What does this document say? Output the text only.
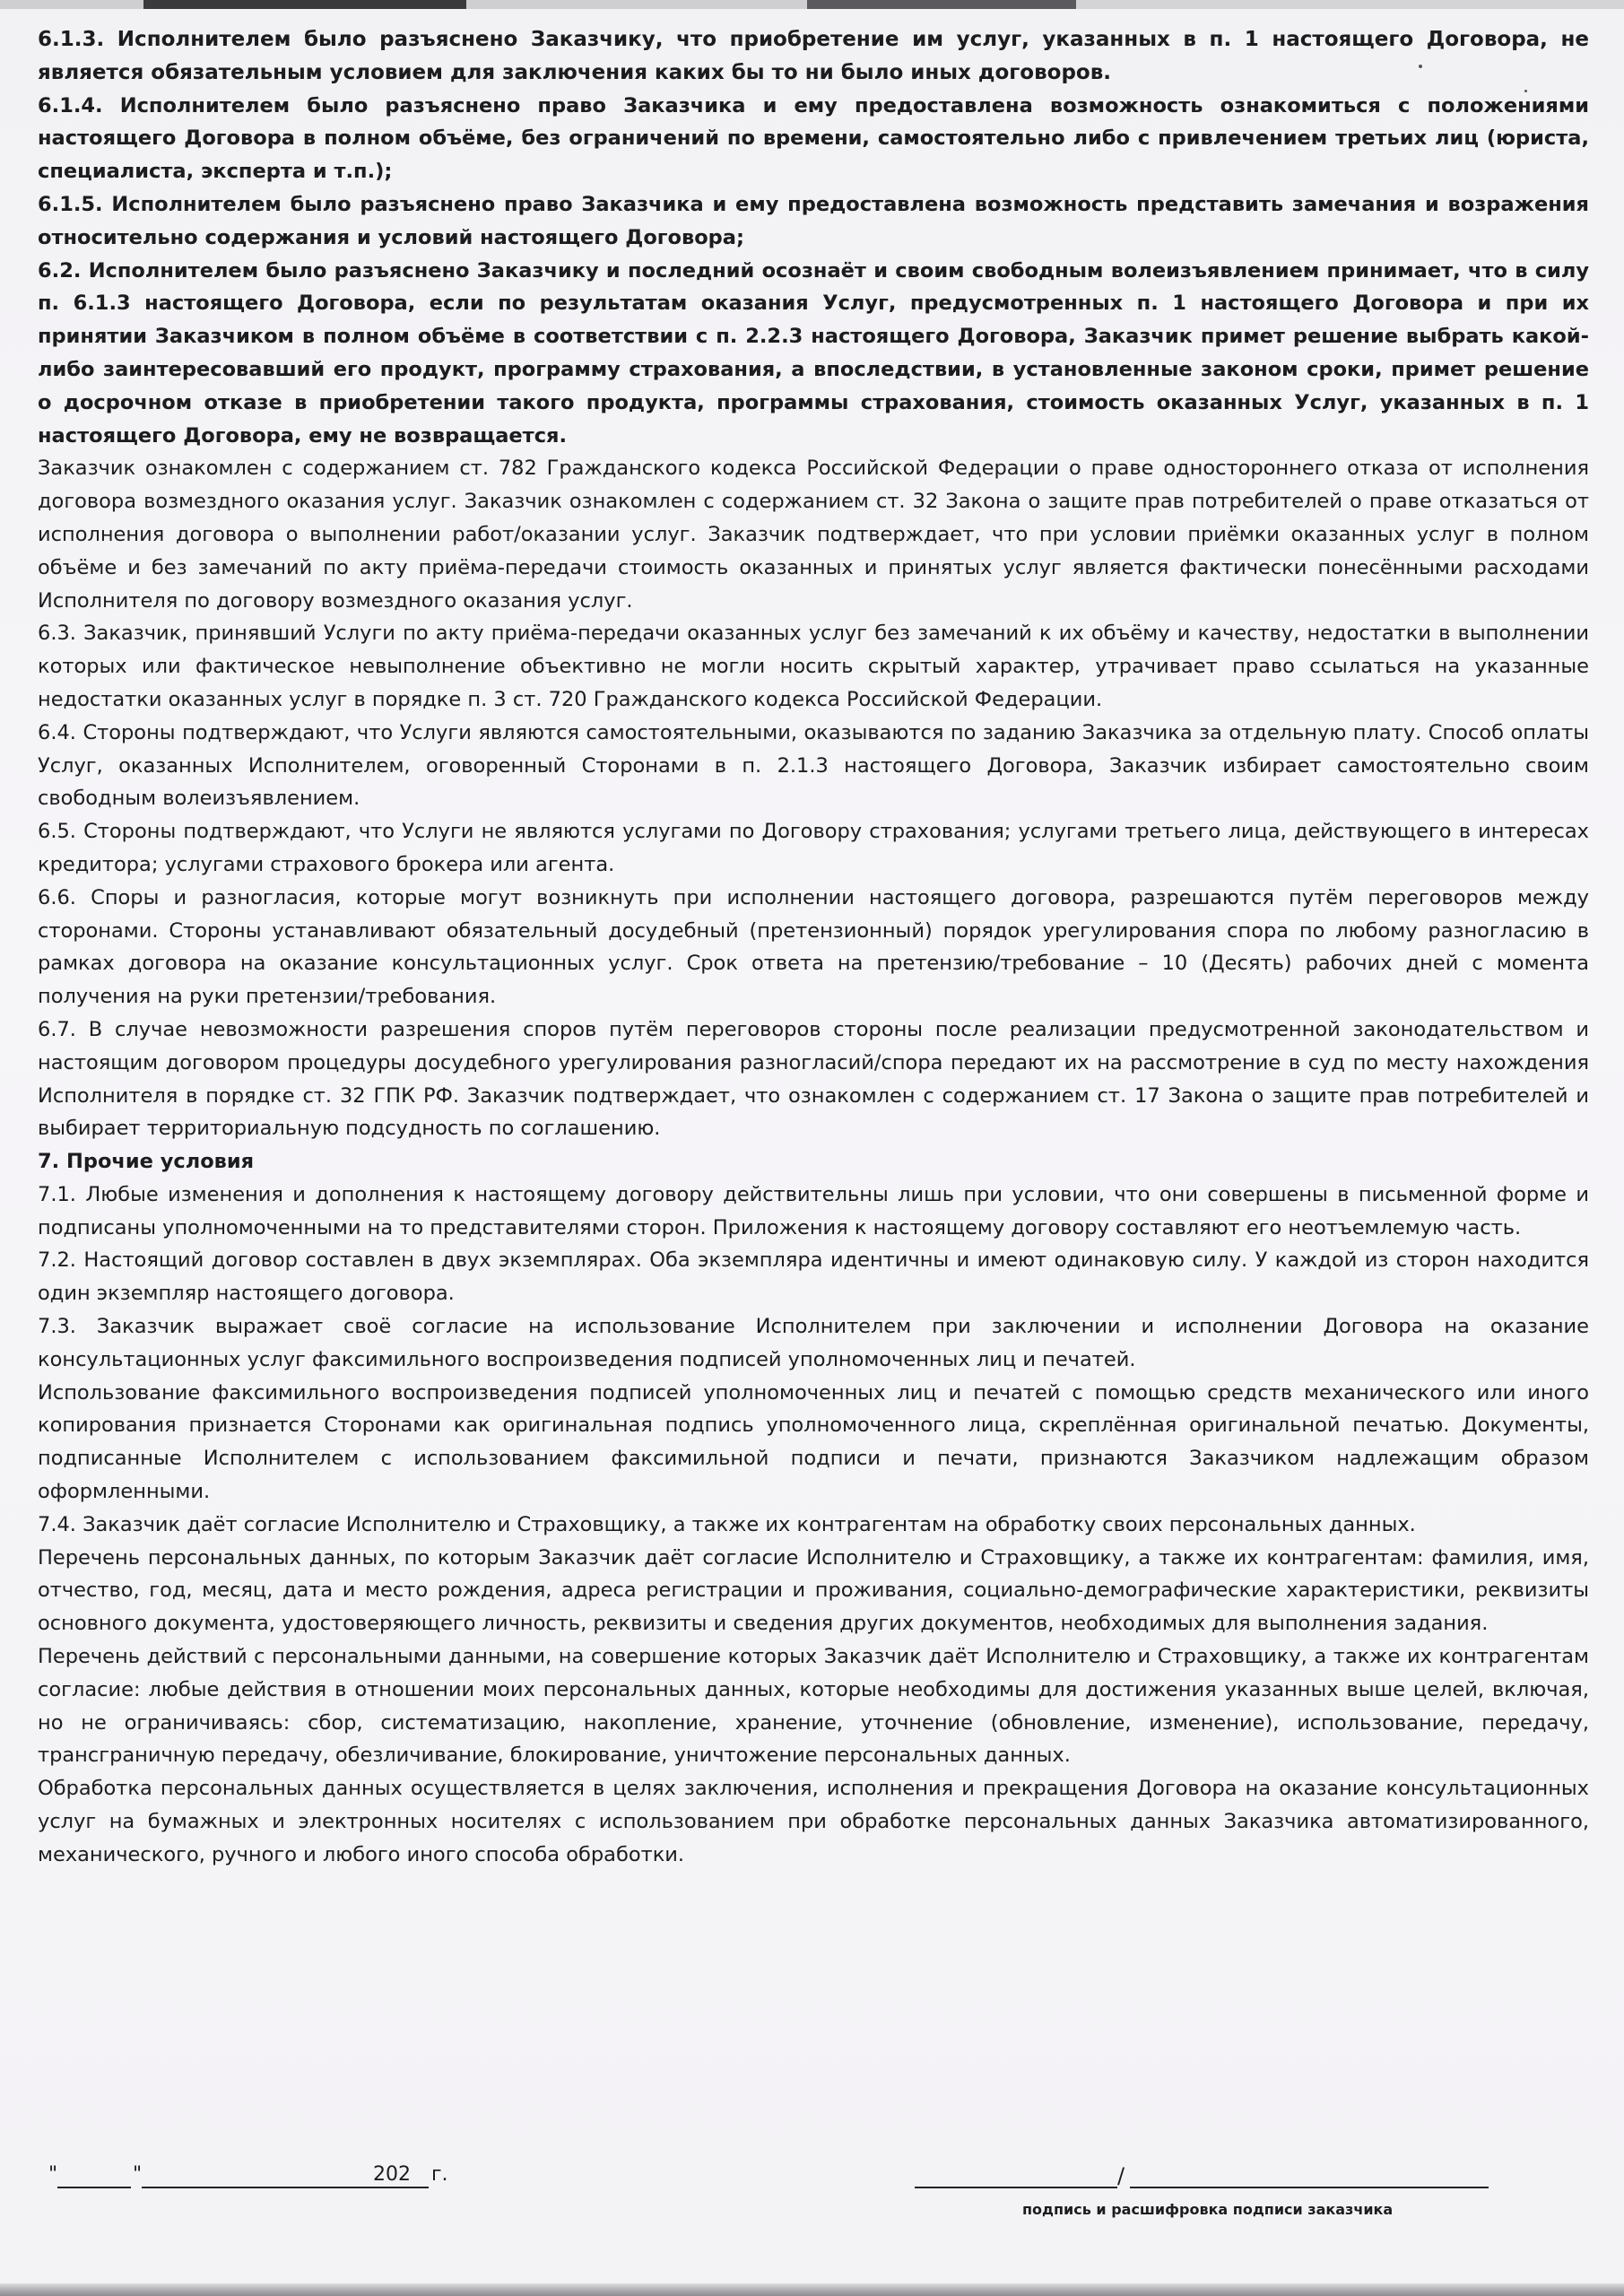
6.1.3. Исполнителем было разъяснено Заказчику, что приобретение им услуг, указанных в п. 1 настоящего Договора, не является обязательным условием для заключения каких бы то ни было иных договоров.

6.1.4. Исполнителем было разъяснено право Заказчика и ему предоставлена возможность ознакомиться с положениями настоящего Договора в полном объёме, без ограничений по времени, самостоятельно либо с привлечением третьих лиц (юриста, специалиста, эксперта и т.п.);

6.1.5. Исполнителем было разъяснено право Заказчика и ему предоставлена возможность представить замечания и возражения относительно содержания и условий настоящего Договора;

6.2. Исполнителем было разъяснено Заказчику и последний осознаёт и своим свободным волеизъявлением принимает, что в силу п. 6.1.3 настоящего Договора, если по результатам оказания Услуг, предусмотренных п. 1 настоящего Договора и при их принятии Заказчиком в полном объёме в соответствии с п. 2.2.3 настоящего Договора, Заказчик примет решение выбрать какой-либо заинтересовавший его продукт, программу страхования, а впоследствии, в установленные законом сроки, примет решение о досрочном отказе в приобретении такого продукта, программы страхования, стоимость оказанных Услуг, указанных в п. 1 настоящего Договора, ему не возвращается.

Заказчик ознакомлен с содержанием ст. 782 Гражданского кодекса Российской Федерации о праве одностороннего отказа от исполнения договора возмездного оказания услуг. Заказчик ознакомлен с содержанием ст. 32 Закона о защите прав потребителей о праве отказаться от исполнения договора о выполнении работ/оказании услуг. Заказчик подтверждает, что при условии приёмки оказанных услуг в полном объёме и без замечаний по акту приёма-передачи стоимость оказанных и принятых услуг является фактически понесёнными расходами Исполнителя по договору возмездного оказания услуг.

6.3. Заказчик, принявший Услуги по акту приёма-передачи оказанных услуг без замечаний к их объёму и качеству, недостатки в выполнении которых или фактическое невыполнение объективно не могли носить скрытый характер, утрачивает право ссылаться на указанные недостатки оказанных услуг в порядке п. 3 ст. 720 Гражданского кодекса Российской Федерации.

6.4. Стороны подтверждают, что Услуги являются самостоятельными, оказываются по заданию Заказчика за отдельную плату. Способ оплаты Услуг, оказанных Исполнителем, оговоренный Сторонами в п. 2.1.3 настоящего Договора, Заказчик избирает самостоятельно своим свободным волеизъявлением.

6.5. Стороны подтверждают, что Услуги не являются услугами по Договору страхования; услугами третьего лица, действующего в интересах кредитора; услугами страхового брокера или агента.

6.6. Споры и разногласия, которые могут возникнуть при исполнении настоящего договора, разрешаются путём переговоров между сторонами. Стороны устанавливают обязательный досудебный (претензионный) порядок урегулирования спора по любому разногласию в рамках договора на оказание консультационных услуг. Срок ответа на претензию/требование – 10 (Десять) рабочих дней с момента получения на руки претензии/требования.

6.7. В случае невозможности разрешения споров путём переговоров стороны после реализации предусмотренной законодательством и настоящим договором процедуры досудебного урегулирования разногласий/спора передают их на рассмотрение в суд по месту нахождения Исполнителя в порядке ст. 32 ГПК РФ. Заказчик подтверждает, что ознакомлен с содержанием ст. 17 Закона о защите прав потребителей и выбирает территориальную подсудность по соглашению.

7. Прочие условия

7.1. Любые изменения и дополнения к настоящему договору действительны лишь при условии, что они совершены в письменной форме и подписаны уполномоченными на то представителями сторон. Приложения к настоящему договору составляют его неотъемлемую часть.

7.2. Настоящий договор составлен в двух экземплярах. Оба экземпляра идентичны и имеют одинаковую силу. У каждой из сторон находится один экземпляр настоящего договора.

7.3. Заказчик выражает своё согласие на использование Исполнителем при заключении и исполнении Договора на оказание консультационных услуг факсимильного воспроизведения подписей уполномоченных лиц и печатей.

Использование факсимильного воспроизведения подписей уполномоченных лиц и печатей с помощью средств механического или иного копирования признается Сторонами как оригинальная подпись уполномоченного лица, скреплённая оригинальной печатью. Документы, подписанные Исполнителем с использованием факсимильной подписи и печати, признаются Заказчиком надлежащим образом оформленными.

7.4. Заказчик даёт согласие Исполнителю и Страховщику, а также их контрагентам на обработку своих персональных данных.

Перечень персональных данных, по которым Заказчик даёт согласие Исполнителю и Страховщику, а также их контрагентам: фамилия, имя, отчество, год, месяц, дата и место рождения, адреса регистрации и проживания, социально-демографические характеристики, реквизиты основного документа, удостоверяющего личность, реквизиты и сведения других документов, необходимых для выполнения задания.

Перечень действий с персональными данными, на совершение которых Заказчик даёт Исполнителю и Страховщику, а также их контрагентам согласие: любые действия в отношении моих персональных данных, которые необходимы для достижения указанных выше целей, включая, но не ограничиваясь: сбор, систематизацию, накопление, хранение, уточнение (обновление, изменение), использование, передачу, трансграничную передачу, обезличивание, блокирование, уничтожение персональных данных.

Обработка персональных данных осуществляется в целях заключения, исполнения и прекращения Договора на оказание консультационных услуг на бумажных и электронных носителях с использованием при обработке персональных данных Заказчика автоматизированного, механического, ручного и любого иного способа обработки.

"	"	202 г.	/
подпись и расшифровка подписи заказчика
